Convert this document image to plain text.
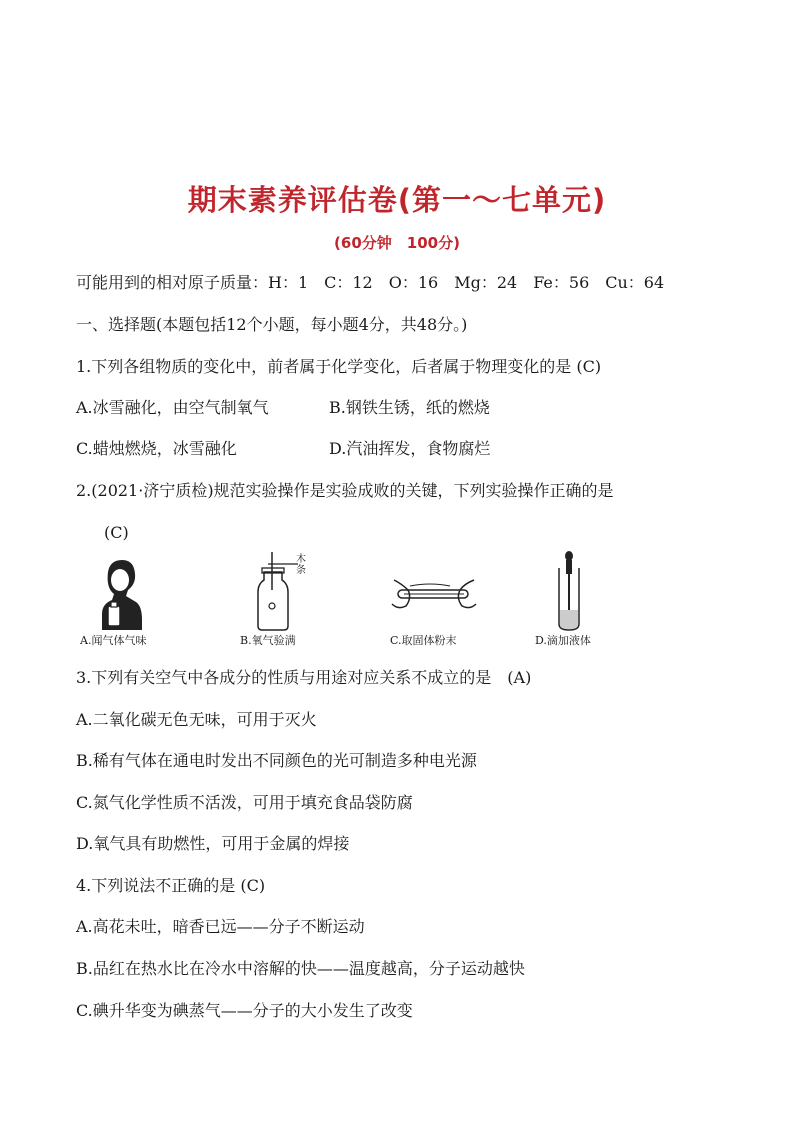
期末素养评估卷(第一～七单元)
(60分钟　100分)
可能用到的相对原子质量：H：1　C：12　O：16　Mg：24　Fe：56　Cu：64
一、选择题(本题包括12个小题，每小题4分，共48分。)
1.下列各组物质的变化中，前者属于化学变化，后者属于物理变化的是 (C)
A.冰雪融化，由空气制氧气	B.钢铁生锈，纸的燃烧
C.蜡烛燃烧，冰雪融化	D.汽油挥发，食物腐烂
2.(2021·济宁质检)规范实验操作是实验成败的关键，下列实验操作正确的是
(C)
A.闻气体气味
木条
B.氧气验满	C.取固体粉末	D.滴加液体
3.下列有关空气中各成分的性质与用途对应关系不成立的是　(A)
A.二氧化碳无色无味，可用于灭火
B.稀有气体在通电时发出不同颜色的光可制造多种电光源
C.氮气化学性质不活泼，可用于填充食品袋防腐
D.氧气具有助燃性，可用于金属的焊接
4.下列说法不正确的是 (C)
A.高花未吐，暗香已远——分子不断运动
B.品红在热水比在冷水中溶解的快——温度越高，分子运动越快
C.碘升华变为碘蒸气——分子的大小发生了改变
